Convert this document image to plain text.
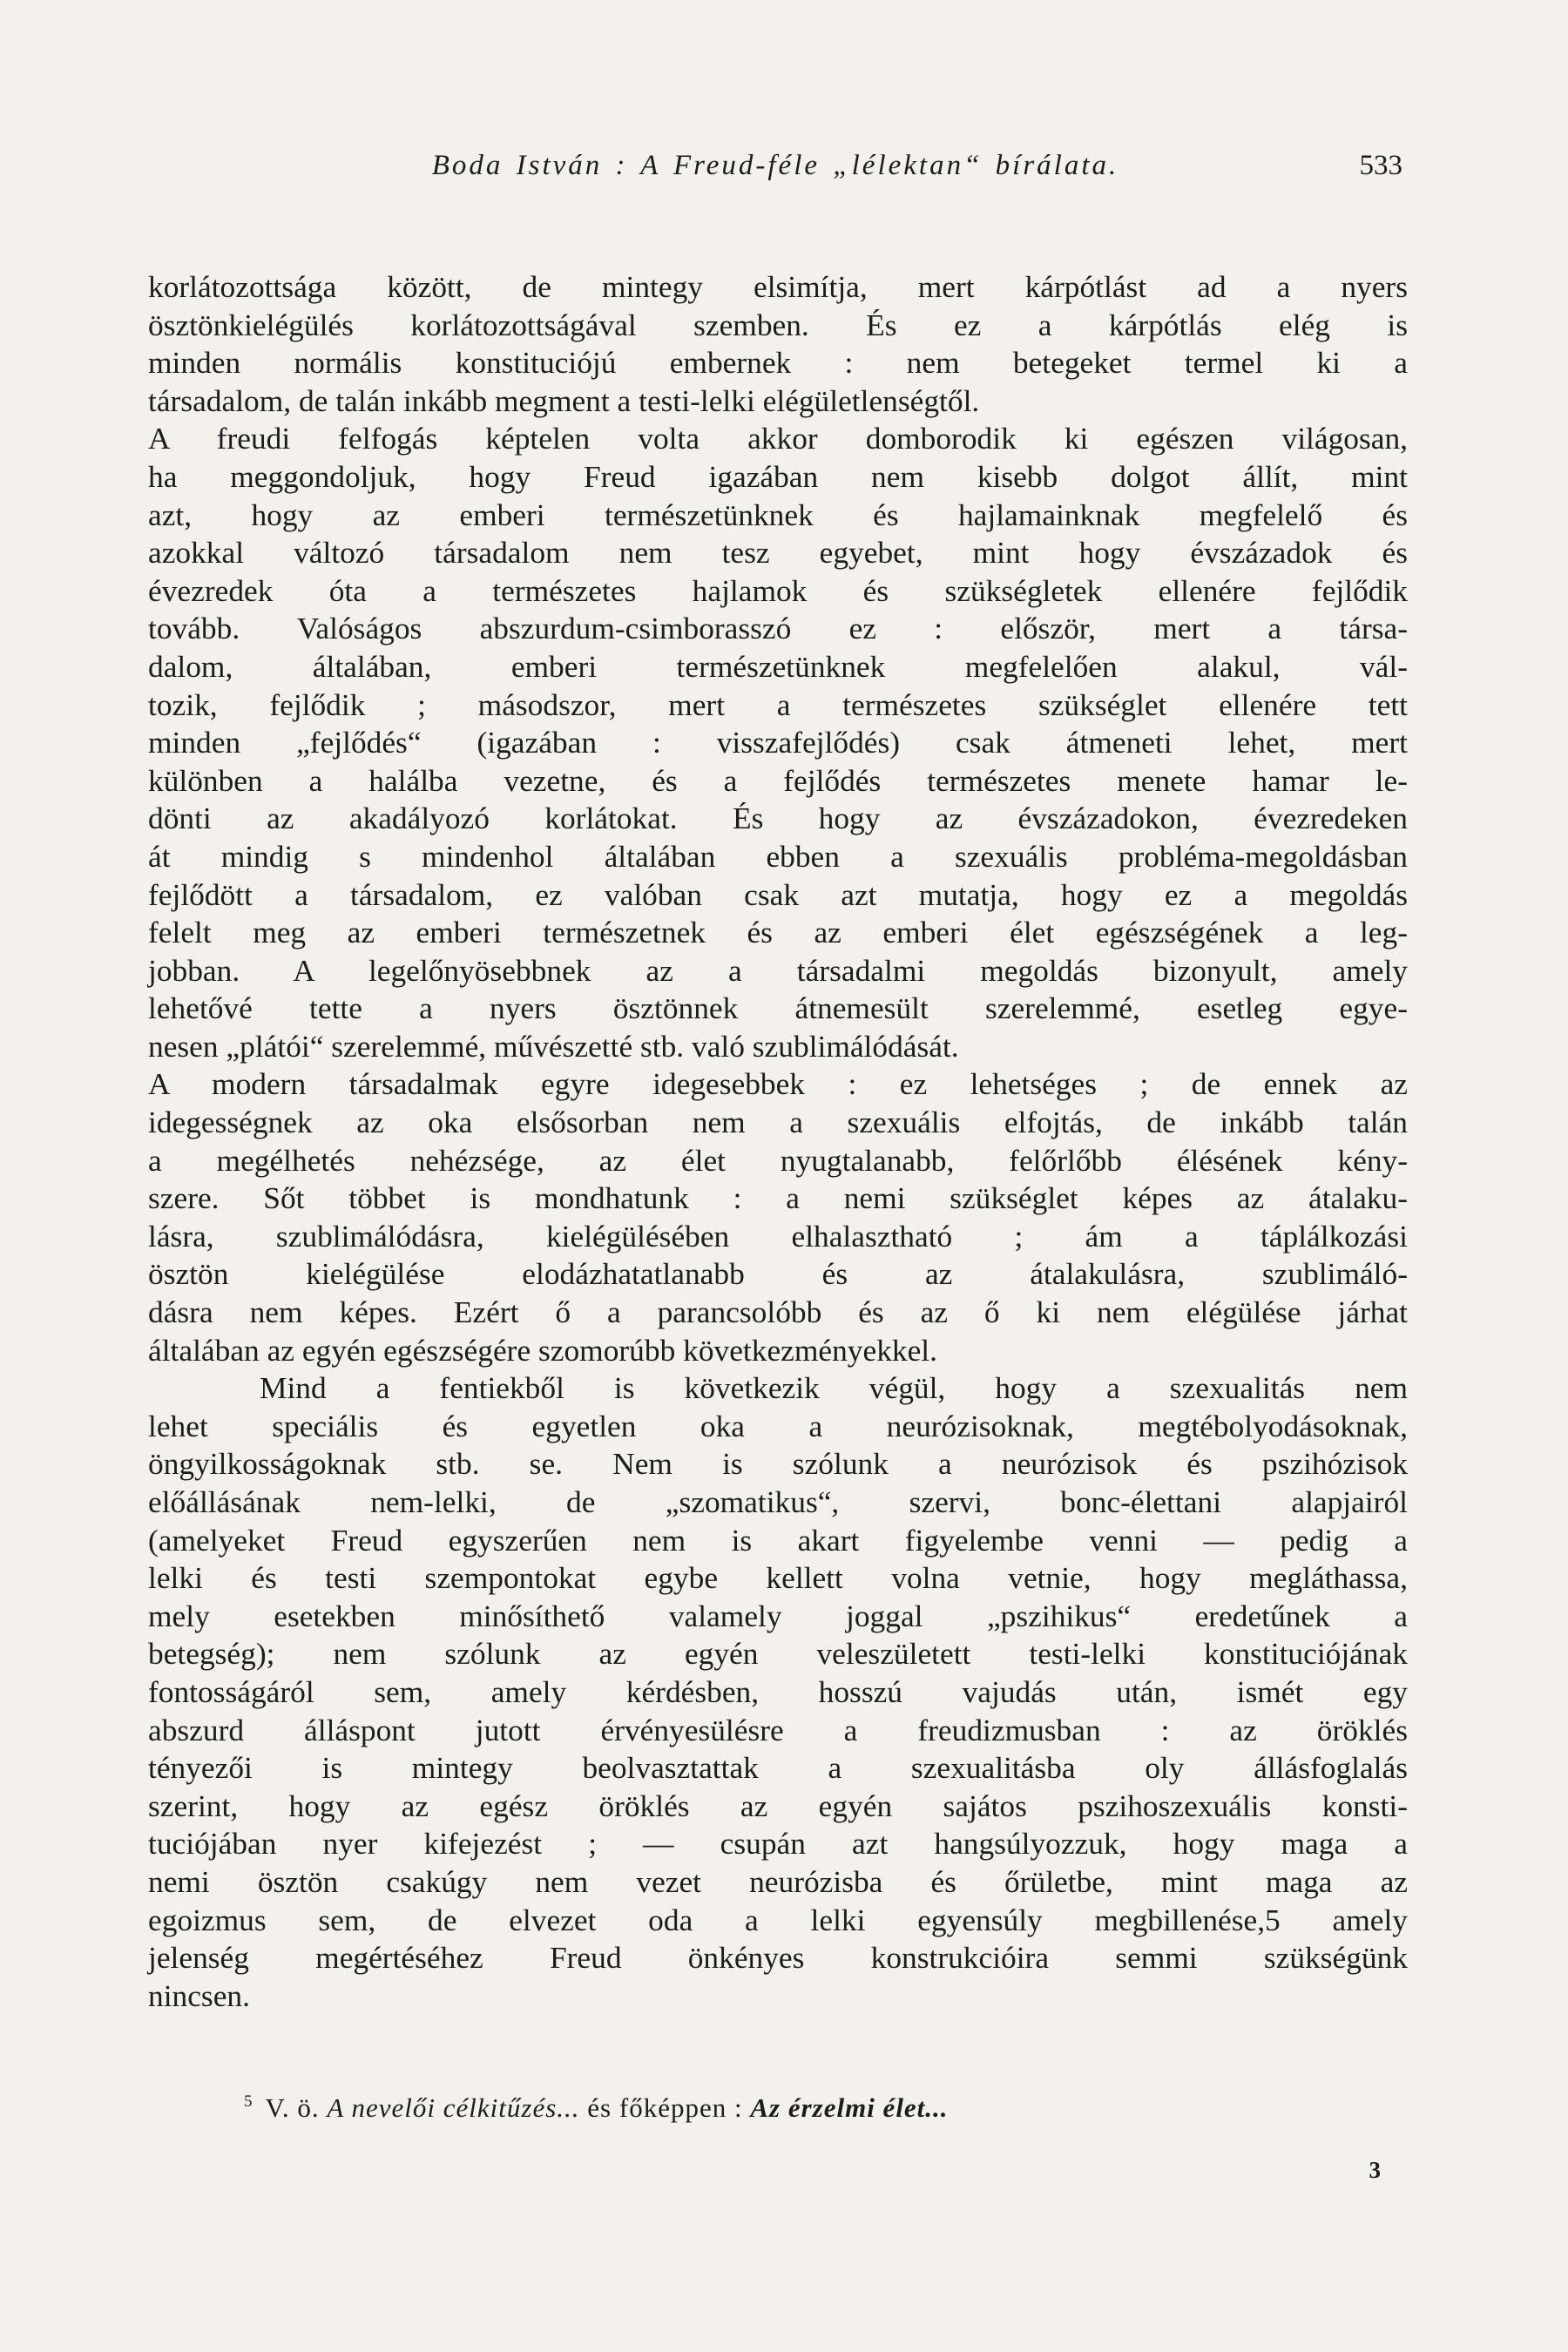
Boda István : A Freud-féle „lélektan“ bírálata.	533
korlátozottsága között, de mintegy elsimítja, mert kárpótlást ad a nyers
ösztönkielégülés korlátozottságával szemben. És ez a kárpótlás elég is
minden normális konstituciójú embernek : nem betegeket termel ki a
társadalom, de talán inkább megment a testi-lelki elégületlenségtől.
A freudi felfogás képtelen volta akkor domborodik ki egészen világosan,
ha meggondoljuk, hogy Freud igazában nem kisebb dolgot állít, mint
azt, hogy az emberi természetünknek és hajlamainknak megfelelő és
azokkal változó társadalom nem tesz egyebet, mint hogy évszázadok és
évezredek óta a természetes hajlamok és szükségletek ellenére fejlődik
tovább. Valóságos abszurdum-csimborasszó ez : először, mert a társa-
dalom, általában, emberi természetünknek megfelelően alakul, vál-
tozik, fejlődik ; másodszor, mert a természetes szükséglet ellenére tett
minden „fejlődés“ (igazában : visszafejlődés) csak átmeneti lehet, mert
különben a halálba vezetne, és a fejlődés természetes menete hamar le-
dönti az akadályozó korlátokat. És hogy az évszázadokon, évezredeken
át mindig s mindenhol általában ebben a szexuális probléma-megoldásban
fejlődött a társadalom, ez valóban csak azt mutatja, hogy ez a megoldás
felelt meg az emberi természetnek és az emberi élet egészségének a leg-
jobban. A legelőnyösebbnek az a társadalmi megoldás bizonyult, amely
lehetővé tette a nyers ösztönnek átnemesült szerelemmé, esetleg egye-
nesen „plátói“ szerelemmé, művészetté stb. való szublimálódását.
A modern társadalmak egyre idegesebbek : ez lehetséges ; de ennek az
idegességnek az oka elsősorban nem a szexuális elfojtás, de inkább talán
a megélhetés nehézsége, az élet nyugtalanabb, felőrlőbb élésének kény-
szere. Sőt többet is mondhatunk : a nemi szükséglet képes az átalaku-
lásra, szublimálódásra, kielégülésében elhalasztható ; ám a táplálkozási
ösztön kielégülése elodázhatatlanabb és az átalakulásra, szublimáló-
dásra nem képes. Ezért ő a parancsolóbb és az ő ki nem elégülése járhat
általában az egyén egészségére szomorúbb következményekkel.
Mind a fentiekből is következik végül, hogy a szexualitás nem
lehet speciális és egyetlen oka a neurózisoknak, megtébolyodásoknak,
öngyilkosságoknak stb. se. Nem is szólunk a neurózisok és pszihózisok
előállásának nem-lelki, de „szomatikus“, szervi, bonc-élettani alapjairól
(amelyeket Freud egyszerűen nem is akart figyelembe venni — pedig a
lelki és testi szempontokat egybe kellett volna vetnie, hogy megláthassa,
mely esetekben minősíthető valamely joggal „pszihikus“ eredetűnek a
betegség); nem szólunk az egyén veleszületett testi-lelki konstituciójának
fontosságáról sem, amely kérdésben, hosszú vajudás után, ismét egy
abszurd álláspont jutott érvényesülésre a freudizmusban : az öröklés
tényezői is mintegy beolvasztattak a szexualitásba oly állásfoglalás
szerint, hogy az egész öröklés az egyén sajátos pszihoszexuális konsti-
tuciójában nyer kifejezést ; — csupán azt hangsúlyozzuk, hogy maga a
nemi ösztön csakúgy nem vezet neurózisba és őrületbe, mint maga az
egoizmus sem, de elvezet oda a lelki egyensúly megbillenése,5 amely
jelenség megértéséhez Freud önkényes konstrukcióira semmi szükségünk
nincsen.
$^5$ V. ö. A nevelői célkitűzés... és főképpen : Az érzelmi élet...
3
